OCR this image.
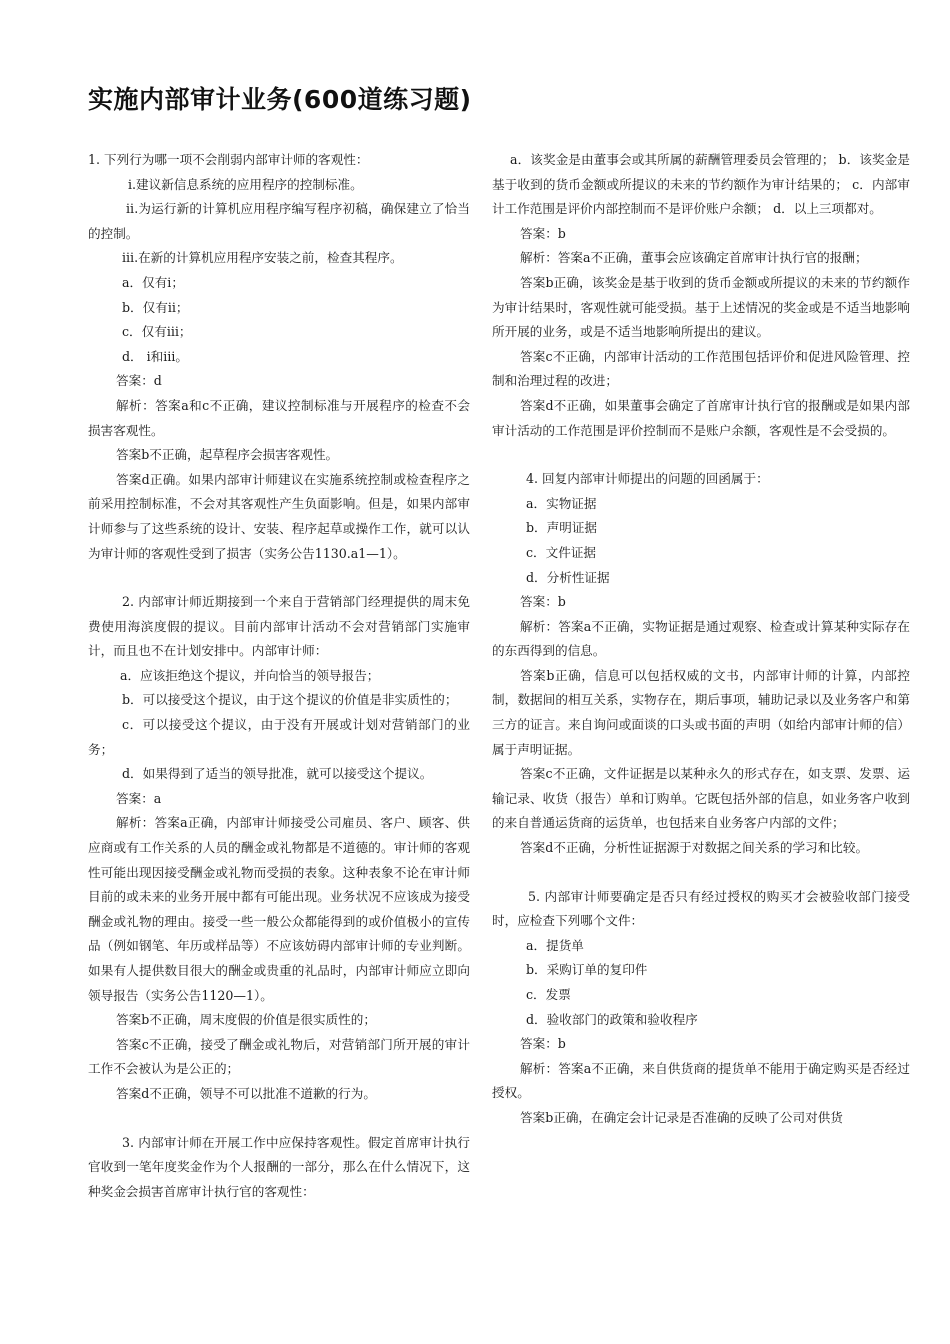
实施内部审计业务(600道练习题)

1. 下列行为哪一项不会削弱内部审计师的客观性：

ⅰ.建议新信息系统的应用程序的控制标准。

ⅱ.为运行新的计算机应用程序编写程序初稿，确保建立了恰当的控制。

ⅲ.在新的计算机应用程序安装之前，检查其程序。

a．仅有ⅰ；

b．仅有ⅱ；

c．仅有ⅲ；

d． ⅰ和ⅲ。

答案：d

解析：答案a和c不正确，建议控制标准与开展程序的检查不会损害客观性。

答案b不正确，起草程序会损害客观性。

答案d正确。如果内部审计师建议在实施系统控制或检查程序之前采用控制标准，不会对其客观性产生负面影响。但是，如果内部审计师参与了这些系统的设计、安装、程序起草或操作工作，就可以认为审计师的客观性受到了损害（实务公告1130.a1—1）。

2. 内部审计师近期接到一个来自于营销部门经理提供的周末免费使用海滨度假的提议。目前内部审计活动不会对营销部门实施审计，而且也不在计划安排中。内部审计师：

a．应该拒绝这个提议，并向恰当的领导报告；

b．可以接受这个提议，由于这个提议的价值是非实质性的；

c．可以接受这个提议，由于没有开展或计划对营销部门的业务；

d．如果得到了适当的领导批准，就可以接受这个提议。

答案：a

解析：答案a正确，内部审计师接受公司雇员、客户、顾客、供应商或有工作关系的人员的酬金或礼物都是不道德的。审计师的客观性可能出现因接受酬金或礼物而受损的表象。这种表象不论在审计师目前的或未来的业务开展中都有可能出现。业务状况不应该成为接受酬金或礼物的理由。接受一些一般公众都能得到的或价值极小的宣传品（例如钢笔、年历或样品等）不应该妨碍内部审计师的专业判断。如果有人提供数目很大的酬金或贵重的礼品时，内部审计师应立即向领导报告（实务公告1120—1）。

答案b不正确，周末度假的价值是很实质性的；

答案c不正确，接受了酬金或礼物后，对营销部门所开展的审计工作不会被认为是公正的；

答案d不正确，领导不可以批准不道歉的行为。

3. 内部审计师在开展工作中应保持客观性。假定首席审计执行官收到一笔年度奖金作为个人报酬的一部分，那么在什么情况下，这种奖金会损害首席审计执行官的客观性：

a．该奖金是由董事会或其所属的薪酬管理委员会管理的； b．该奖金是基于收到的货币金额或所提议的未来的节约额作为审计结果的； c．内部审计工作范围是评价内部控制而不是评价账户余额； d．以上三项都对。

答案：b

解析：答案a不正确，董事会应该确定首席审计执行官的报酬；

答案b正确，该奖金是基于收到的货币金额或所提议的未来的节约额作为审计结果时，客观性就可能受损。基于上述情况的奖金或是不适当地影响所开展的业务，或是不适当地影响所提出的建议。

答案c不正确，内部审计活动的工作范围包括评价和促进风险管理、控制和治理过程的改进；

答案d不正确，如果董事会确定了首席审计执行官的报酬或是如果内部审计活动的工作范围是评价控制而不是账户余额，客观性是不会受损的。

4. 回复内部审计师提出的问题的回函属于：

a．实物证据

b．声明证据

c．文件证据

d．分析性证据

答案：b

解析：答案a不正确，实物证据是通过观察、检查或计算某种实际存在的东西得到的信息。

答案b正确，信息可以包括权威的文书，内部审计师的计算，内部控制，数据间的相互关系，实物存在，期后事项，辅助记录以及业务客户和第三方的证言。来自询问或面谈的口头或书面的声明（如给内部审计师的信）属于声明证据。

答案c不正确，文件证据是以某种永久的形式存在，如支票、发票、运输记录、收货（报告）单和订购单。它既包括外部的信息，如业务客户收到的来自普通运货商的运货单，也包括来自业务客户内部的文件；

答案d不正确，分析性证据源于对数据之间关系的学习和比较。

5. 内部审计师要确定是否只有经过授权的购买才会被验收部门接受时，应检查下列哪个文件：

a．提货单

b．采购订单的复印件

c．发票

d．验收部门的政策和验收程序

答案：b

解析：答案a不正确，来自供货商的提货单不能用于确定购买是否经过授权。

答案b正确，在确定会计记录是否准确的反映了公司对供货
